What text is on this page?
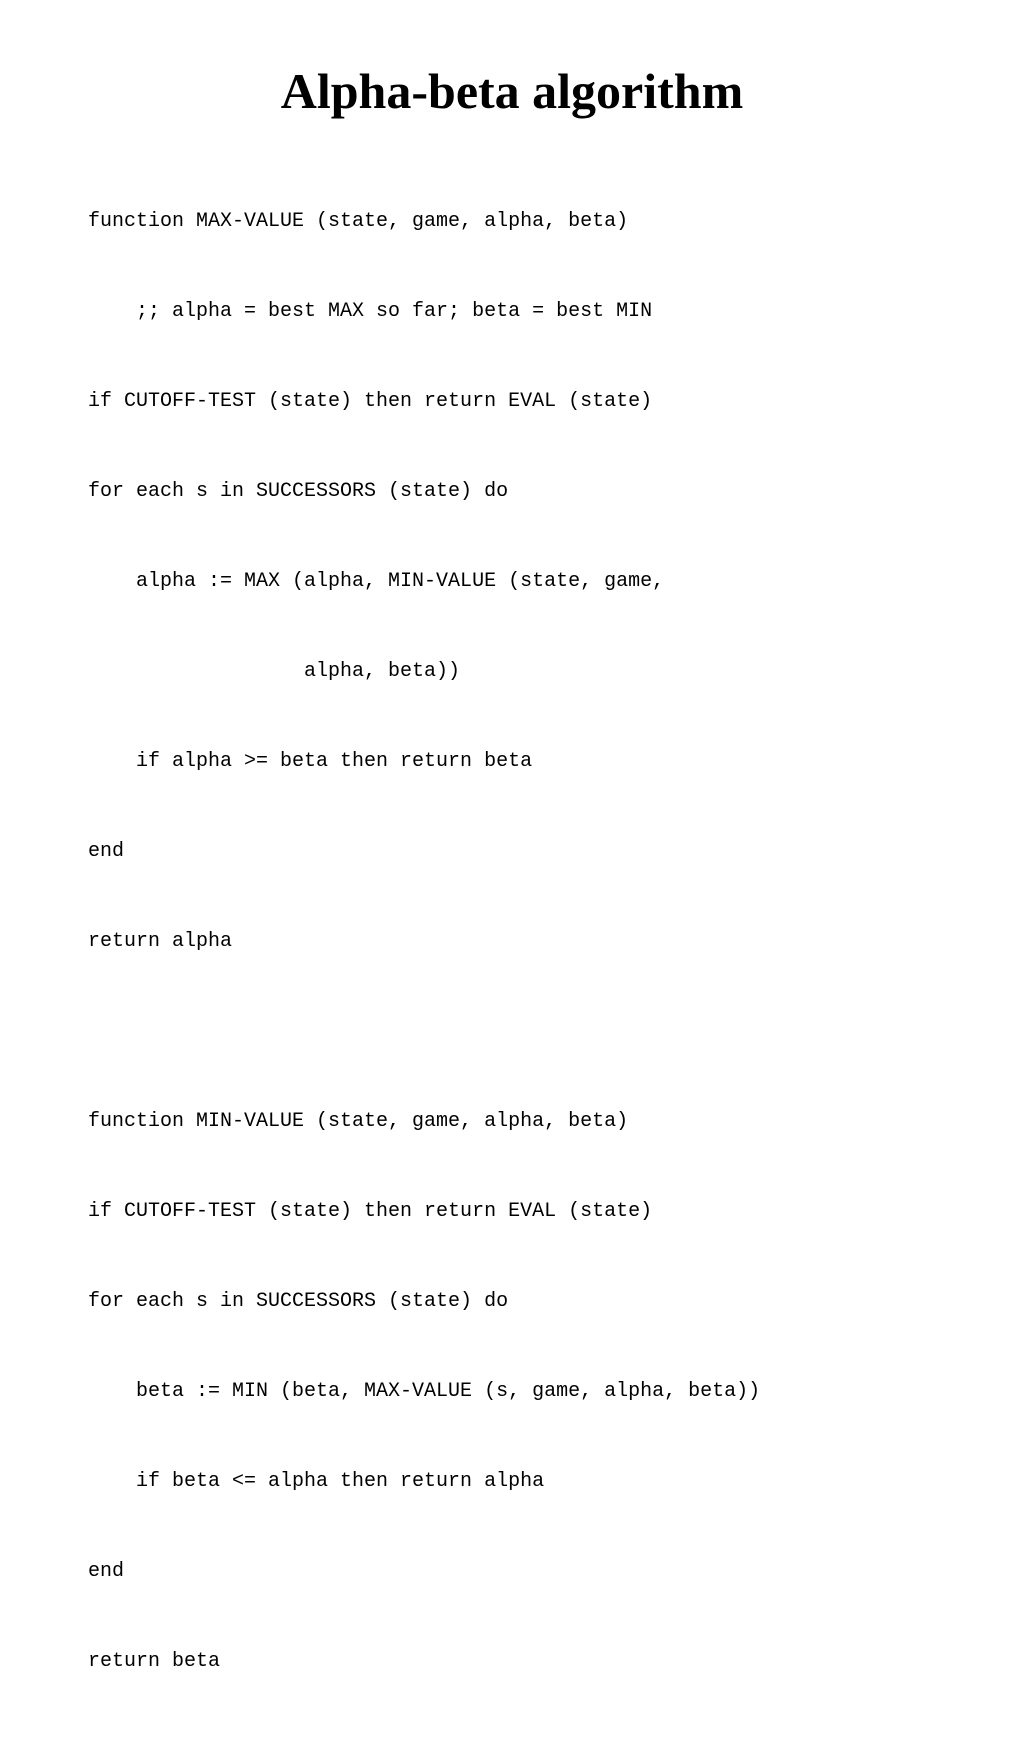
Alpha-beta algorithm

function MAX-VALUE (state, game, alpha, beta)

;; alpha = best MAX so far; beta = best MIN

if CUTOFF-TEST (state) then return EVAL (state)

for each s in SUCCESSORS (state) do

alpha := MAX (alpha, MIN-VALUE (state, game,

alpha, beta))

if alpha >= beta then return beta

end

return alpha

function MIN-VALUE (state, game, alpha, beta)

if CUTOFF-TEST (state) then return EVAL (state)

for each s in SUCCESSORS (state) do

beta := MIN (beta, MAX-VALUE (s, game, alpha, beta))

if beta <= alpha then return alpha

end

return beta
